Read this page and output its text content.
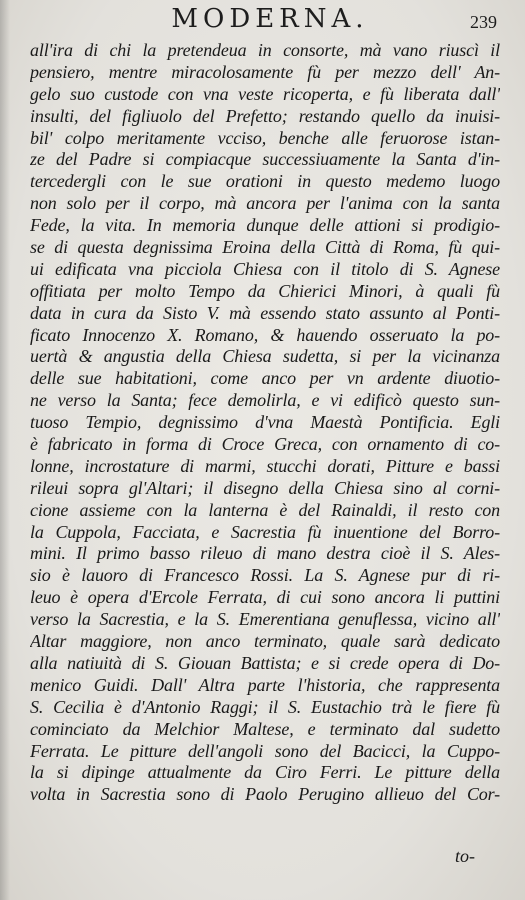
MODERNA.	239
all'ira di chi la pretendeua in consorte, mà vano riuscì il
pensiero, mentre miracolosamente fù per mezzo dell' An-
gelo suo custode con vna veste ricoperta, e fù liberata dall'
insulti, del figliuolo del Prefetto; restando quello da inuisi-
bil' colpo meritamente vcciso, benche alle feruorose istan-
ze del Padre si compiacque successiuamente la Santa d'in-
tercedergli con le sue orationi in questo medemo luogo
non solo per il corpo, mà ancora per l'anima con la santa
Fede, la vita. In memoria dunque delle attioni si prodigio-
se di questa degnissima Eroina della Città di Roma, fù qui-
ui edificata vna picciola Chiesa con il titolo di S. Agnese
offitiata per molto Tempo da Chierici Minori, à quali fù
data in cura da Sisto V. mà essendo stato assunto al Ponti-
ficato Innocenzo X. Romano, & hauendo osseruato la po-
uertà & angustia della Chiesa sudetta, si per la vicinanza
delle sue habitationi, come anco per vn ardente diuotio-
ne verso la Santa; fece demolirla, e vi edificò questo sun-
tuoso Tempio, degnissimo d'vna Maestà Pontificia. Egli
è fabricato in forma di Croce Greca, con ornamento di co-
lonne, incrostature di marmi, stucchi dorati, Pitture e bassi
rileui sopra gl'Altari; il disegno della Chiesa sino al corni-
cione assieme con la lanterna è del Rainaldi, il resto con
la Cuppola, Facciata, e Sacrestia fù inuentione del Borro-
mini. Il primo basso rileuo di mano destra cioè il S. Ales-
sio è lauoro di Francesco Rossi. La S. Agnese pur di ri-
leuo è opera d'Ercole Ferrata, di cui sono ancora li puttini
verso la Sacrestia, e la S. Emerentiana genuflessa, vicino all'
Altar maggiore, non anco terminato, quale sarà dedicato
alla natiuità di S. Giouan Battista; e si crede opera di Do-
menico Guidi. Dall' Altra parte l'historia, che rappresenta
S. Cecilia è d'Antonio Raggi; il S. Eustachio trà le fiere fù
cominciato da Melchior Maltese, e terminato dal sudetto
Ferrata. Le pitture dell'angoli sono del Bacicci, la Cuppo-
la si dipinge attualmente da Ciro Ferri. Le pitture della
volta in Sacrestia sono di Paolo Perugino allieuo del Cor-
to-
